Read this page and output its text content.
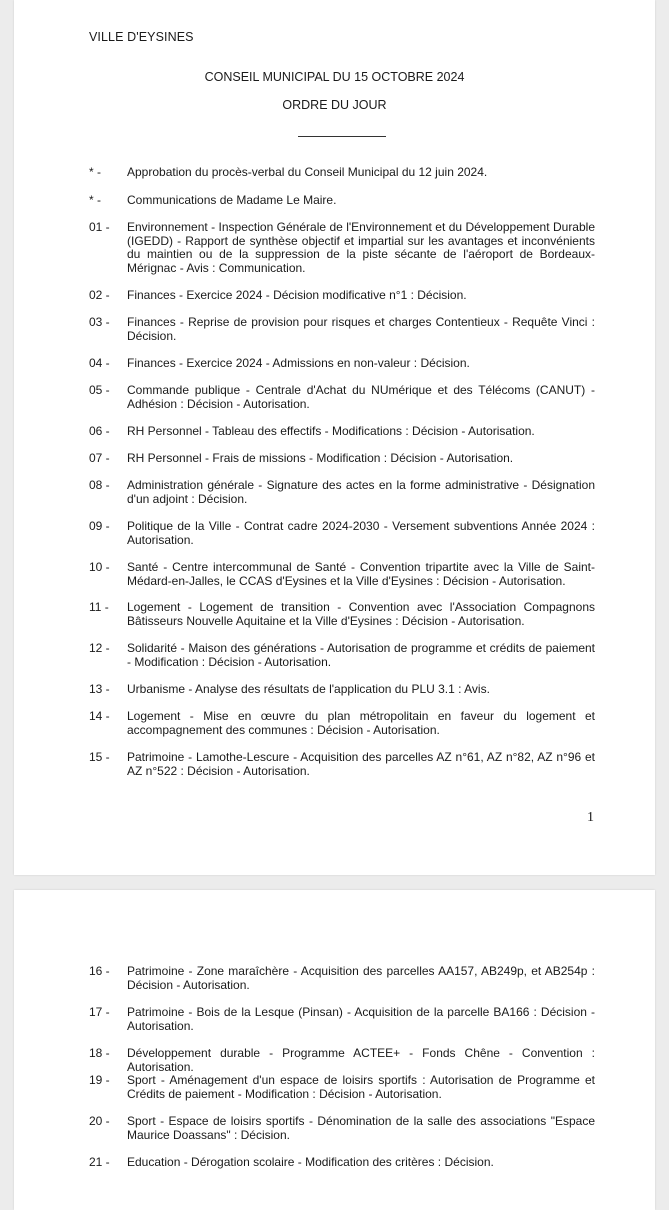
VILLE D'EYSINES
CONSEIL MUNICIPAL DU 15 OCTOBRE 2024
ORDRE DU JOUR
* -	Approbation du procès-verbal du Conseil Municipal du 12 juin 2024.
* -	Communications de Madame Le Maire.
01 -	Environnement - Inspection Générale de l'Environnement et du Développement Durable (IGEDD) - Rapport de synthèse objectif et impartial sur les avantages et inconvénients du maintien ou de la suppression de la piste sécante de l'aéroport de Bordeaux-Mérignac - Avis : Communication.
02 -	Finances - Exercice 2024 - Décision modificative n°1 : Décision.
03 -	Finances - Reprise de provision pour risques et charges Contentieux - Requête Vinci : Décision.
04 -	Finances - Exercice 2024 - Admissions en non-valeur : Décision.
05 -	Commande publique - Centrale d'Achat du NUmérique et des Télécoms (CANUT) - Adhésion : Décision - Autorisation.
06 -	RH Personnel - Tableau des effectifs - Modifications : Décision - Autorisation.
07 -	RH Personnel - Frais de missions - Modification : Décision - Autorisation.
08 -	Administration générale - Signature des actes en la forme administrative - Désignation d'un adjoint : Décision.
09 -	Politique de la Ville - Contrat cadre 2024-2030 - Versement subventions Année 2024 : Autorisation.
10 -	Santé - Centre intercommunal de Santé - Convention tripartite avec la Ville de Saint-Médard-en-Jalles, le CCAS d'Eysines et la Ville d'Eysines : Décision - Autorisation.
11 -	Logement - Logement de transition - Convention avec l'Association Compagnons Bâtisseurs Nouvelle Aquitaine et la Ville d'Eysines : Décision - Autorisation.
12 -	Solidarité - Maison des générations - Autorisation de programme et crédits de paiement - Modification : Décision - Autorisation.
13 -	Urbanisme - Analyse des résultats de l'application du PLU 3.1 : Avis.
14 -	Logement - Mise en œuvre du plan métropolitain en faveur du logement et accompagnement des communes : Décision - Autorisation.
15 -	Patrimoine - Lamothe-Lescure - Acquisition des parcelles AZ n°61, AZ n°82, AZ n°96 et AZ n°522 : Décision - Autorisation.
1
16 -	Patrimoine - Zone maraîchère - Acquisition des parcelles AA157, AB249p, et AB254p : Décision - Autorisation.
17 -	Patrimoine - Bois de la Lesque (Pinsan) - Acquisition de la parcelle BA166 : Décision - Autorisation.
18 -	Développement durable - Programme ACTEE+ - Fonds Chêne - Convention : Autorisation.
19 -	Sport - Aménagement d'un espace de loisirs sportifs : Autorisation de Programme et Crédits de paiement - Modification : Décision - Autorisation.
20 -	Sport - Espace de loisirs sportifs - Dénomination de la salle des associations "Espace Maurice Doassans" : Décision.
21 -	Education - Dérogation scolaire - Modification des critères : Décision.
